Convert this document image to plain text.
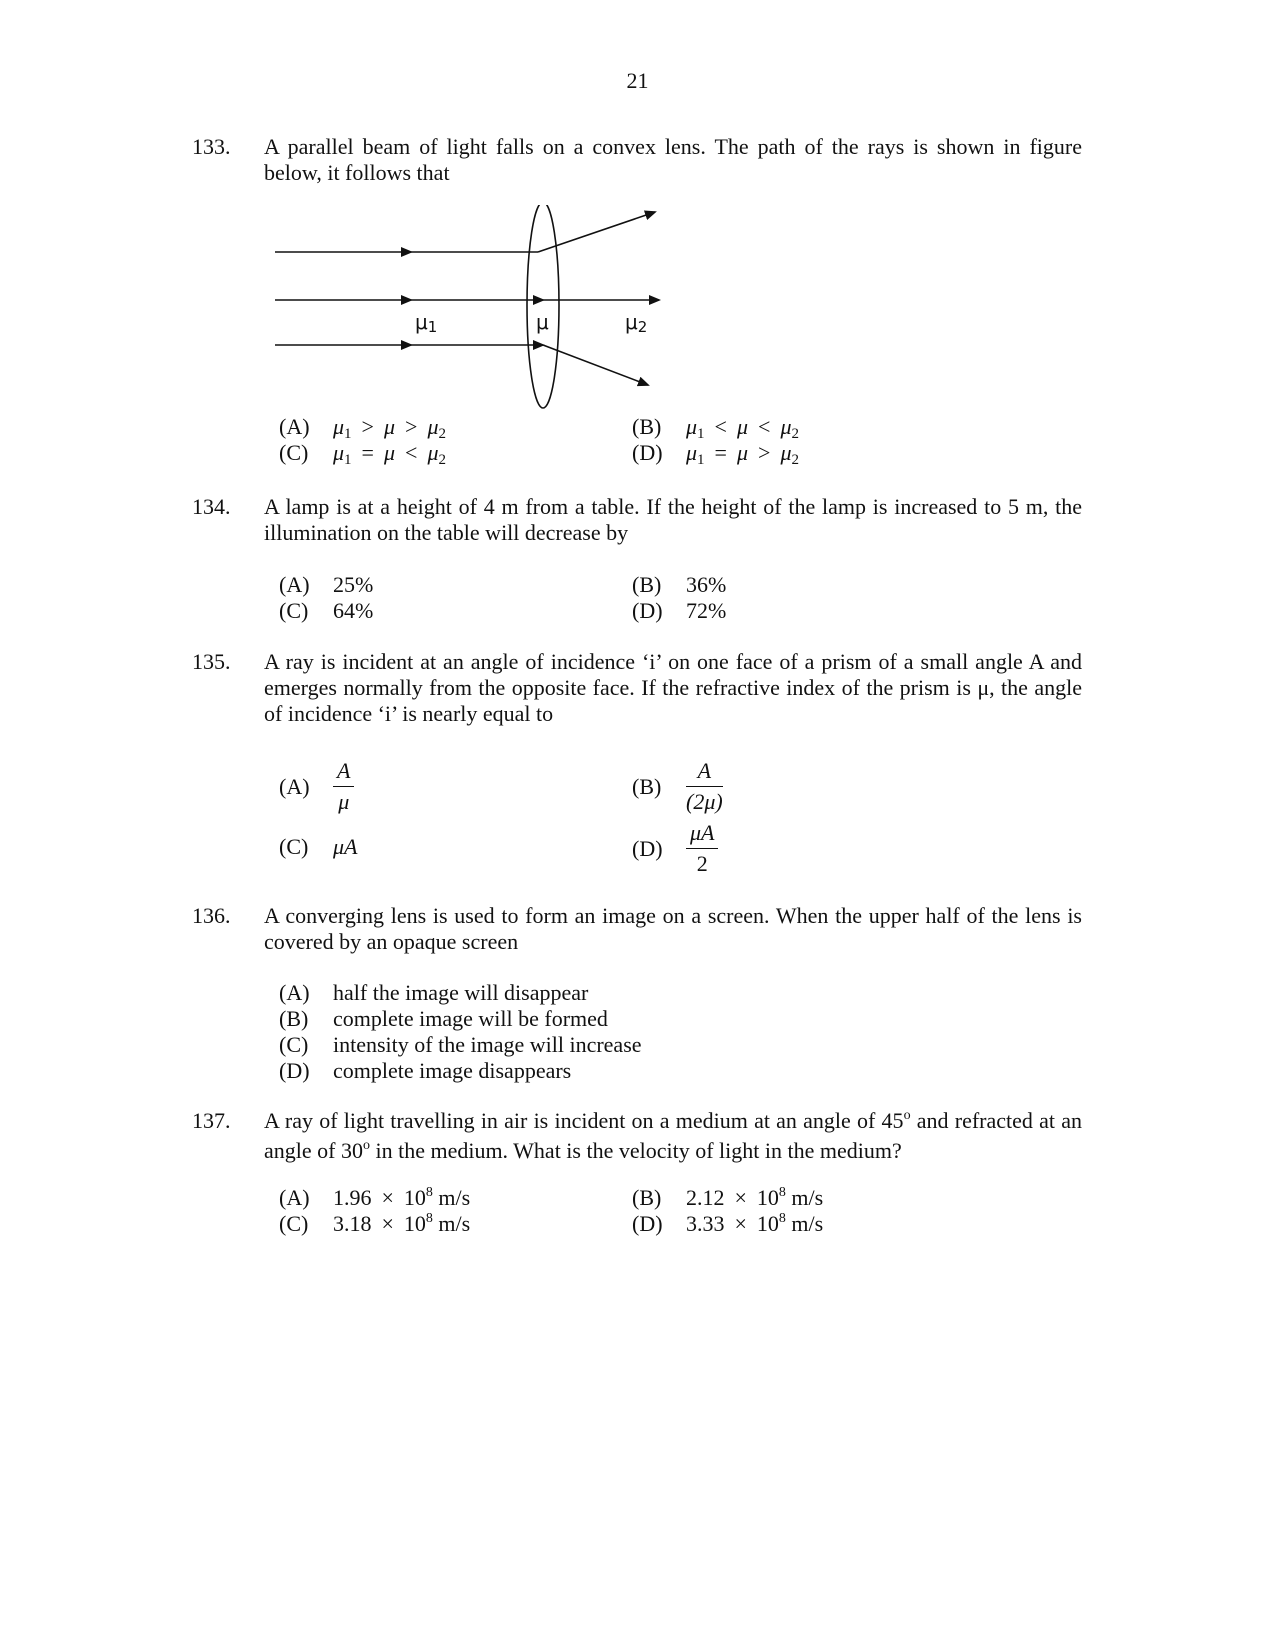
21
133. A parallel beam of light falls on a convex lens. The path of the rays is shown in figure below, it follows that
μ1	μ	μ2
(A) μ1 > μ > μ2	(B) μ1 < μ < μ2
(C) μ1 = μ < μ2	(D) μ1 = μ > μ2
134. A lamp is at a height of 4 m from a table. If the height of the lamp is increased to 5 m, the illumination on the table will decrease by
(A) 25%	(B) 36%
(C) 64%	(D) 72%
135. A ray is incident at an angle of incidence ‘i’ on one face of a prism of a small angle A and emerges normally from the opposite face. If the refractive index of the prism is μ, the angle of incidence ‘i’ is nearly equal to
$(A) \frac{A}{\mu}$	$(B) \frac{A}{(2\mu)}$
(C) μA	$(D) \frac{\mu A}{2}$
136. A converging lens is used to form an image on a screen. When the upper half of the lens is covered by an opaque screen
(A) half the image will disappear
(B) complete image will be formed
(C) intensity of the image will increase
(D) complete image disappears
137. A ray of light travelling in air is incident on a medium at an angle of 45$^o$ and refracted at an angle of 30$^o$ in the medium. What is the velocity of light in the medium?
(A) $1.96 \times 10^8$ m/s	(B) $2.12 \times 10^8$ m/s
(C) $3.18 \times 10^8$ m/s	(D) $3.33 \times 10^8$ m/s
